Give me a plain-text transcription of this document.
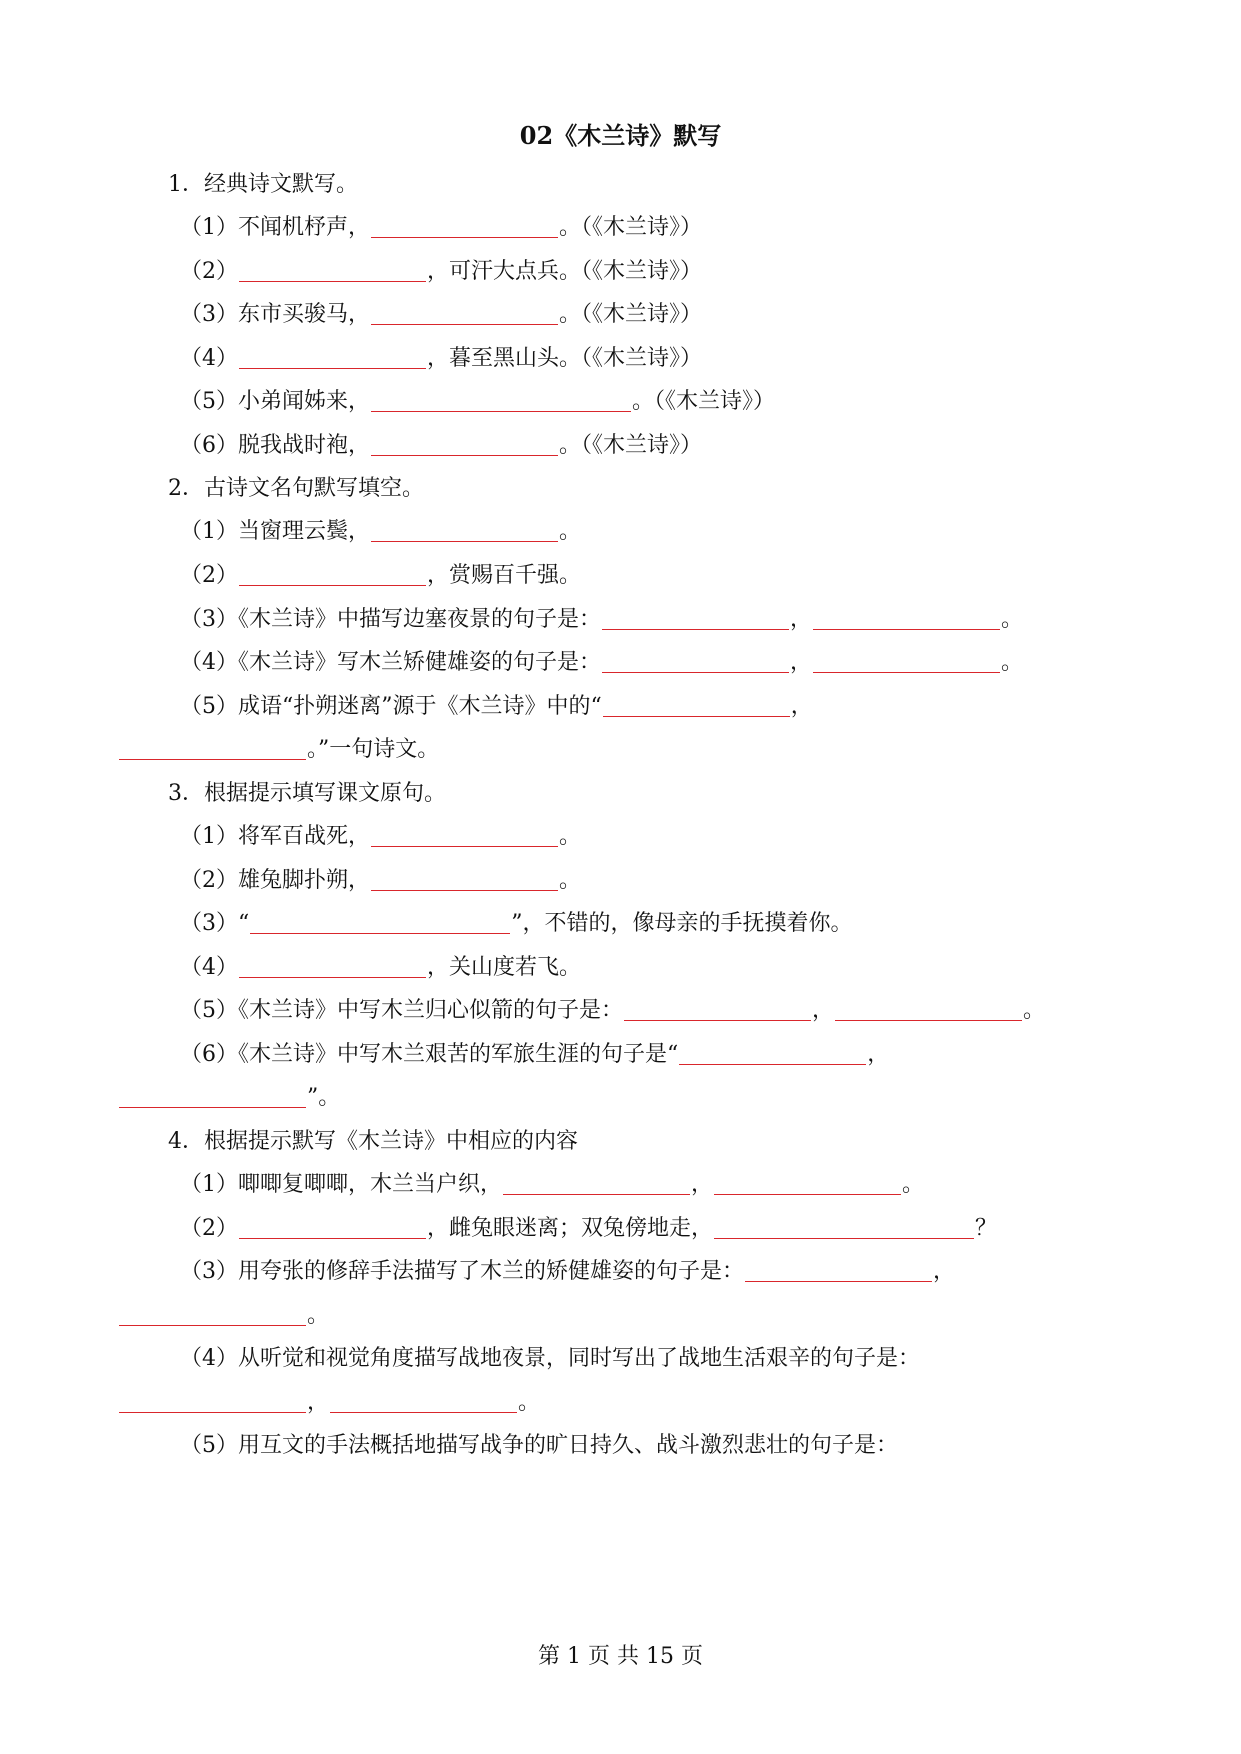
02《木兰诗》默写
1．经典诗文默写。
（1）不闻机杼声，	。（《木兰诗》）
（2）	，可汗大点兵。（《木兰诗》）
（3）东市买骏马，	。（《木兰诗》）
（4）	，暮至黑山头。（《木兰诗》）
（5）小弟闻姊来，	。（《木兰诗》）
（6）脱我战时袍，	。（《木兰诗》）
2．古诗文名句默写填空。
（1）当窗理云鬓，	。
（2）	，赏赐百千强。
（3）《木兰诗》中描写边塞夜景的句子是：	，	。
（4）《木兰诗》写木兰矫健雄姿的句子是：	，	。
（5）成语“扑朔迷离”源于《木兰诗》中的“	，
。”一句诗文。
3．根据提示填写课文原句。
（1）将军百战死，	。
（2）雄兔脚扑朔，	。
（3）“	”，不错的，像母亲的手抚摸着你。
（4）	，关山度若飞。
（5）《木兰诗》中写木兰归心似箭的句子是：	，	。
（6）《木兰诗》中写木兰艰苦的军旅生涯的句子是“	，
”。
4．根据提示默写《木兰诗》中相应的内容
（1）唧唧复唧唧，木兰当户织，	，	。
（2）	，雌兔眼迷离；双兔傍地走，	？
（3）用夸张的修辞手法描写了木兰的矫健雄姿的句子是：	，
。
（4）从听觉和视觉角度描写战地夜景，同时写出了战地生活艰辛的句子是：
，	。
（5）用互文的手法概括地描写战争的旷日持久、战斗激烈悲壮的句子是：
第 1 页 共 15 页
